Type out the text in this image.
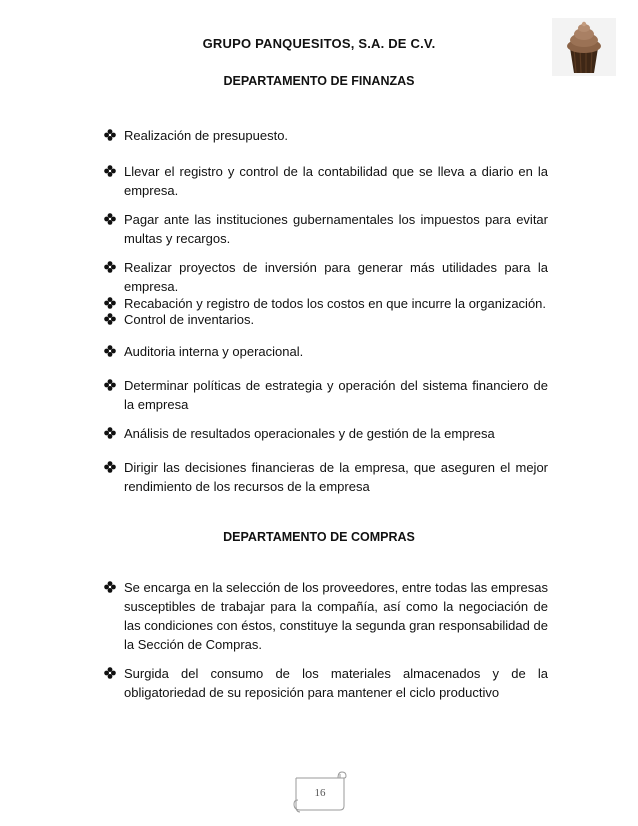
GRUPO PANQUESITOS, S.A. DE C.V.
DEPARTAMENTO DE FINANZAS
Realización de presupuesto.
Llevar el registro y control de la contabilidad que se lleva a diario en la empresa.
Pagar ante las instituciones gubernamentales los impuestos para evitar multas y recargos.
Realizar proyectos de inversión para generar más utilidades para la empresa.
Recabación y registro de todos los costos en que incurre la organización.
Control de inventarios.
Auditoria interna y operacional.
Determinar políticas de estrategia y operación del sistema financiero de la empresa
Análisis de resultados operacionales y de gestión de la empresa
Dirigir las decisiones financieras de la empresa, que aseguren el mejor rendimiento de los recursos de la empresa
DEPARTAMENTO DE COMPRAS
Se encarga en la selección de los proveedores, entre todas las empresas susceptibles de trabajar para la compañía, así como la negociación de las condiciones con éstos, constituye la segunda gran responsabilidad de la Sección de Compras.
Surgida del consumo de los materiales almacenados y de la obligatoriedad de su reposición para mantener el ciclo productivo
16
